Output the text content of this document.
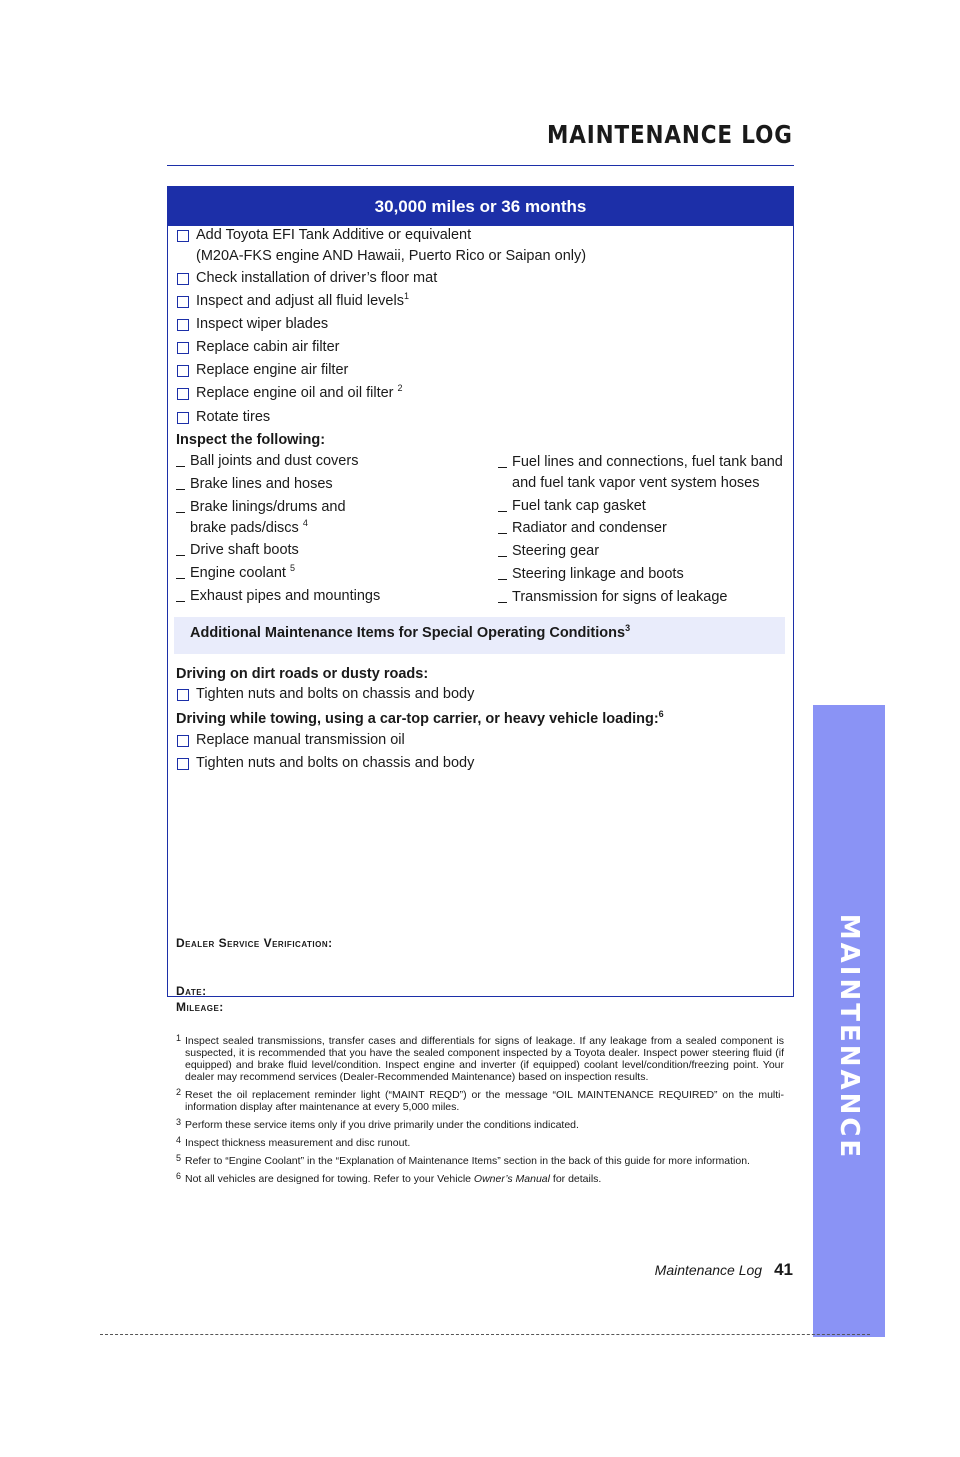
MAINTENANCE LOG
MAINTENANCE
30,000 miles or 36 months
Add Toyota EFI Tank Additive or equivalent
(M20A-FKS engine AND Hawaii, Puerto Rico or Saipan only)
Check installation of driver’s floor mat
Inspect and adjust all fluid levels$^1$
Inspect wiper blades
Replace cabin air filter
Replace engine air filter
Replace engine oil and oil filter $^2$
Rotate tires
Inspect the following:
Ball joints and dust covers
Brake lines and hoses
Brake linings/drums and
brake pads/discs $^4$
Drive shaft boots
Engine coolant $^5$
Exhaust pipes and mountings
Fuel lines and connections, fuel tank band
and fuel tank vapor vent system hoses
Fuel tank cap gasket
Radiator and condenser
Steering gear
Steering linkage and boots
Transmission for signs of leakage
Additional Maintenance Items for Special Operating Conditions$^3$
Driving on dirt roads or dusty roads:
Tighten nuts and bolts on chassis and body
Driving while towing, using a car-top carrier, or heavy vehicle loading:$^6$
Replace manual transmission oil
Tighten nuts and bolts on chassis and body
Dealer Service Verification:
Date:
Mileage:
1 Inspect sealed transmissions, transfer cases and differentials for signs of leakage. If any leakage from a sealed component is suspected, it is recommended that you have the sealed component inspected by a Toyota dealer. Inspect power steering fluid (if equipped) and brake fluid level/condition. Inspect engine and inverter (if equipped) coolant level/condition/freezing point. Your dealer may recommend services (Dealer-Recommended Maintenance) based on inspection results.
2 Reset the oil replacement reminder light (“MAINT REQD”) or the message “OIL MAINTENANCE REQUIRED” on the multi-information display after maintenance at every 5,000 miles.
3 Perform these service items only if you drive primarily under the conditions indicated.
4 Inspect thickness measurement and disc runout.
5 Refer to “Engine Coolant” in the “Explanation of Maintenance Items” section in the back of this guide for more information.
6 Not all vehicles are designed for towing. Refer to your Vehicle Owner’s Manual for details.
Maintenance Log 41
